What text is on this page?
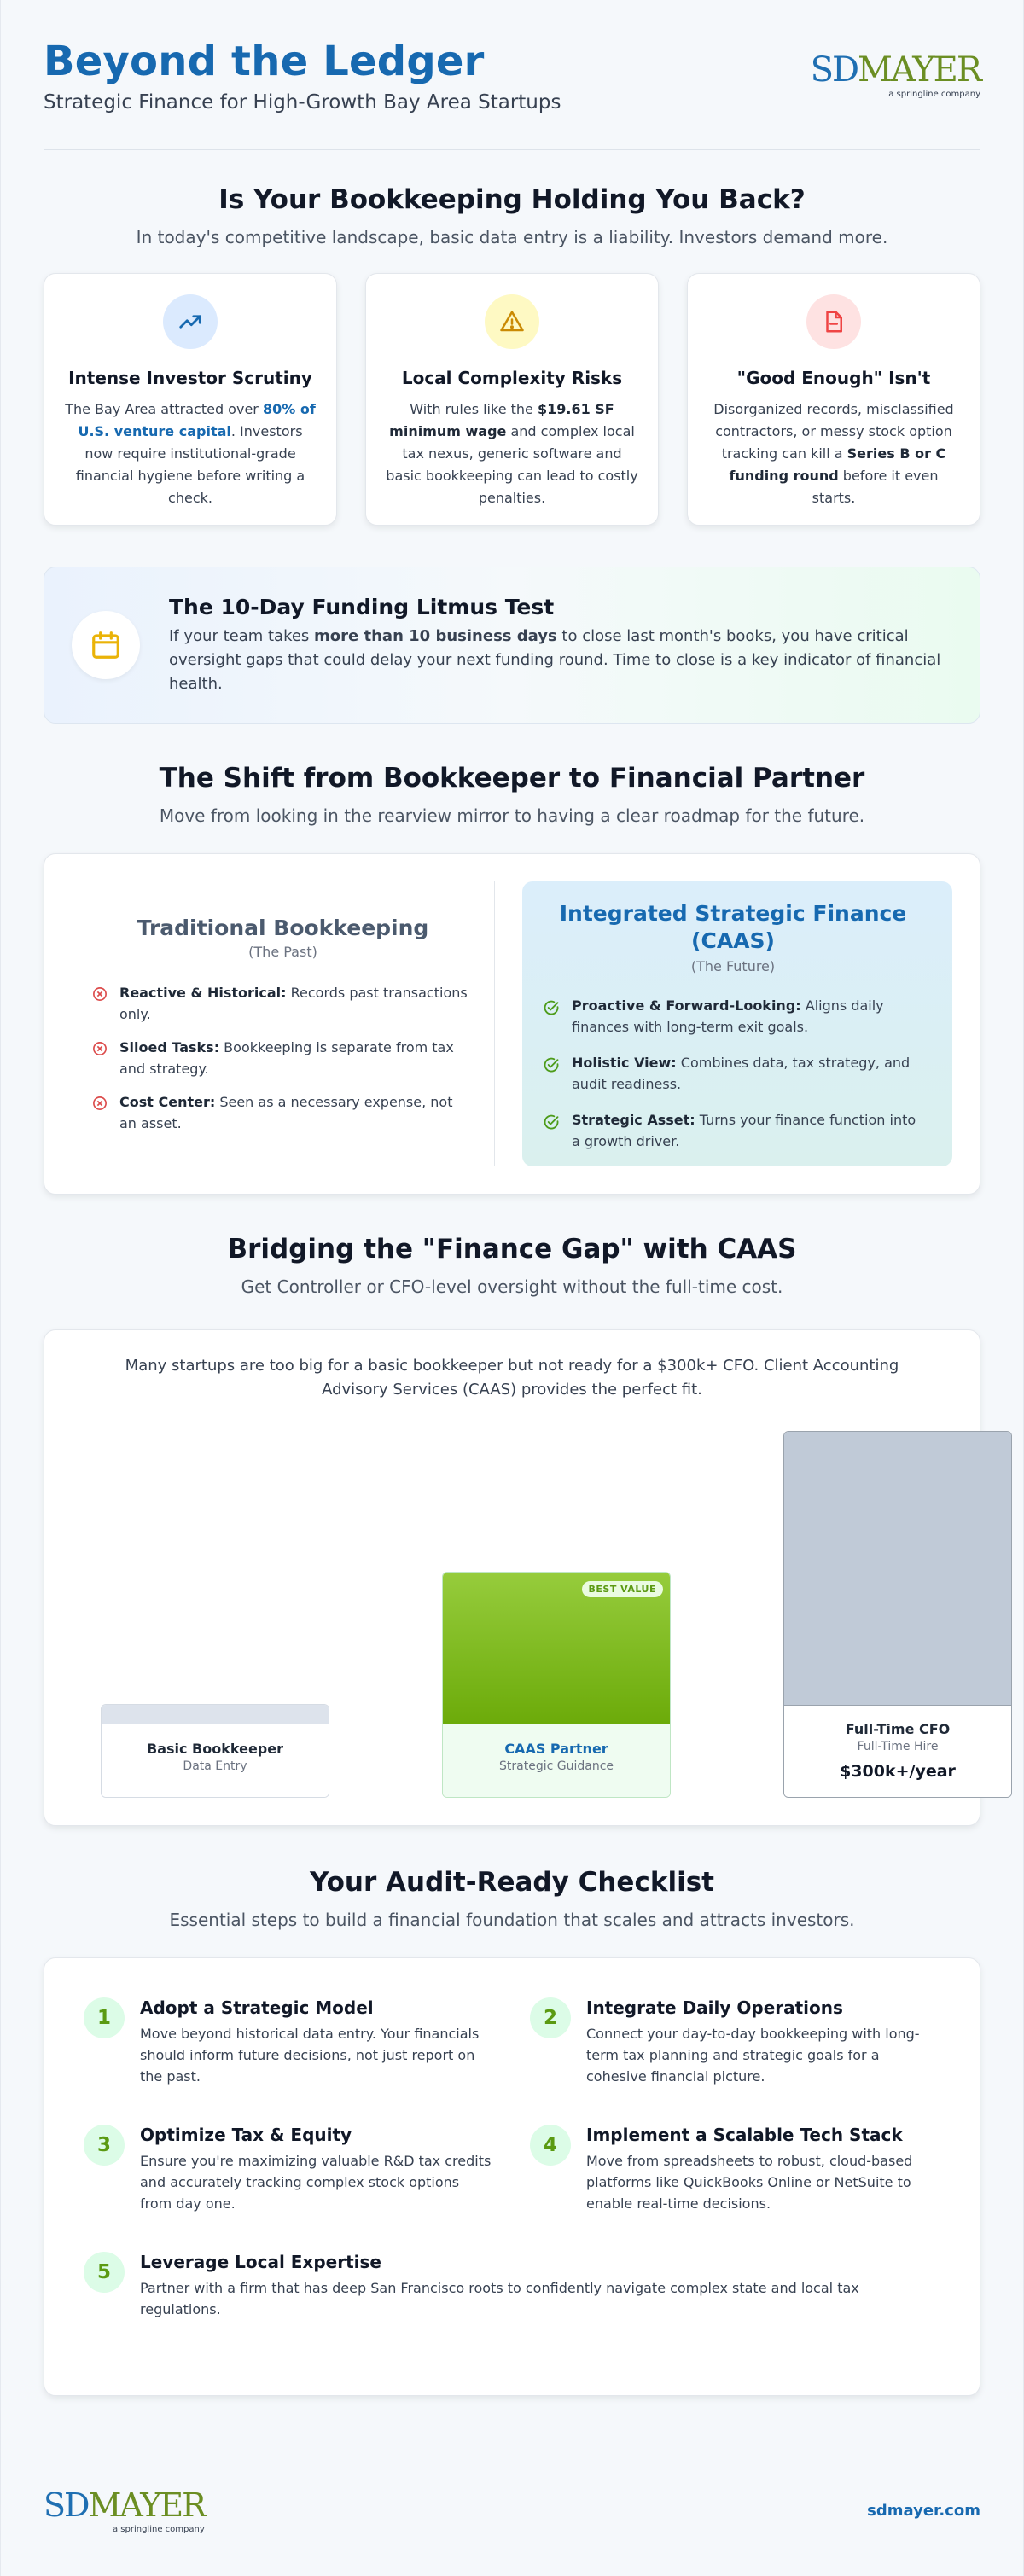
Beyond the Ledger
Strategic Finance for High-Growth Bay Area Startups
SDMAYER
a springline company
Is Your Bookkeeping Holding You Back?

In today's competitive landscape, basic data entry is a liability. Investors demand more.

Intense Investor Scrutiny

The Bay Area attracted over 80% of U.S. venture capital. Investors now require institutional-grade financial hygiene before writing a check.

Local Complexity Risks

With rules like the $19.61 SF minimum wage and complex local tax nexus, generic software and basic bookkeeping can lead to costly penalties.

"Good Enough" Isn't

Disorganized records, misclassified contractors, or messy stock option tracking can kill a Series B or C funding round before it even starts.

The 10-Day Funding Litmus Test

If your team takes more than 10 business days to close last month's books, you have critical oversight gaps that could delay your next funding round. Time to close is a key indicator of financial health.

The Shift from Bookkeeper to Financial Partner

Move from looking in the rearview mirror to having a clear roadmap for the future.

Traditional Bookkeeping
(The Past)
Reactive & Historical: Records past transactions only.
Siloed Tasks: Bookkeeping is separate from tax and strategy.
Cost Center: Seen as a necessary expense, not an asset.
Integrated Strategic Finance (CAAS)
(The Future)
Proactive & Forward-Looking: Aligns daily finances with long-term exit goals.
Holistic View: Combines data, tax strategy, and audit readiness.
Strategic Asset: Turns your finance function into a growth driver.
Bridging the "Finance Gap" with CAAS

Get Controller or CFO-level oversight without the full-time cost.

Many startups are too big for a basic bookkeeper but not ready for a $300k+ CFO. Client Accounting Advisory Services (CAAS) provides the perfect fit.

Basic Bookkeeper
Data Entry
BEST VALUE
CAAS Partner
Strategic Guidance
Full-Time CFO
Full-Time Hire
$300k+/year
Your Audit-Ready Checklist

Essential steps to build a financial foundation that scales and attracts investors.

1	Adopt a Strategic Model
Move beyond historical data entry. Your financials should inform future decisions, not just report on the past.
2	Integrate Daily Operations
Connect your day-to-day bookkeeping with long-term tax planning and strategic goals for a cohesive financial picture.
3	Optimize Tax & Equity
Ensure you're maximizing valuable R&D tax credits and accurately tracking complex stock options from day one.
4	Implement a Scalable Tech Stack
Move from spreadsheets to robust, cloud-based platforms like QuickBooks Online or NetSuite to enable real-time decisions.
5	Leverage Local Expertise
Partner with a firm that has deep San Francisco roots to confidently navigate complex state and local tax regulations.
SDMAYER
a springline company
sdmayer.com
